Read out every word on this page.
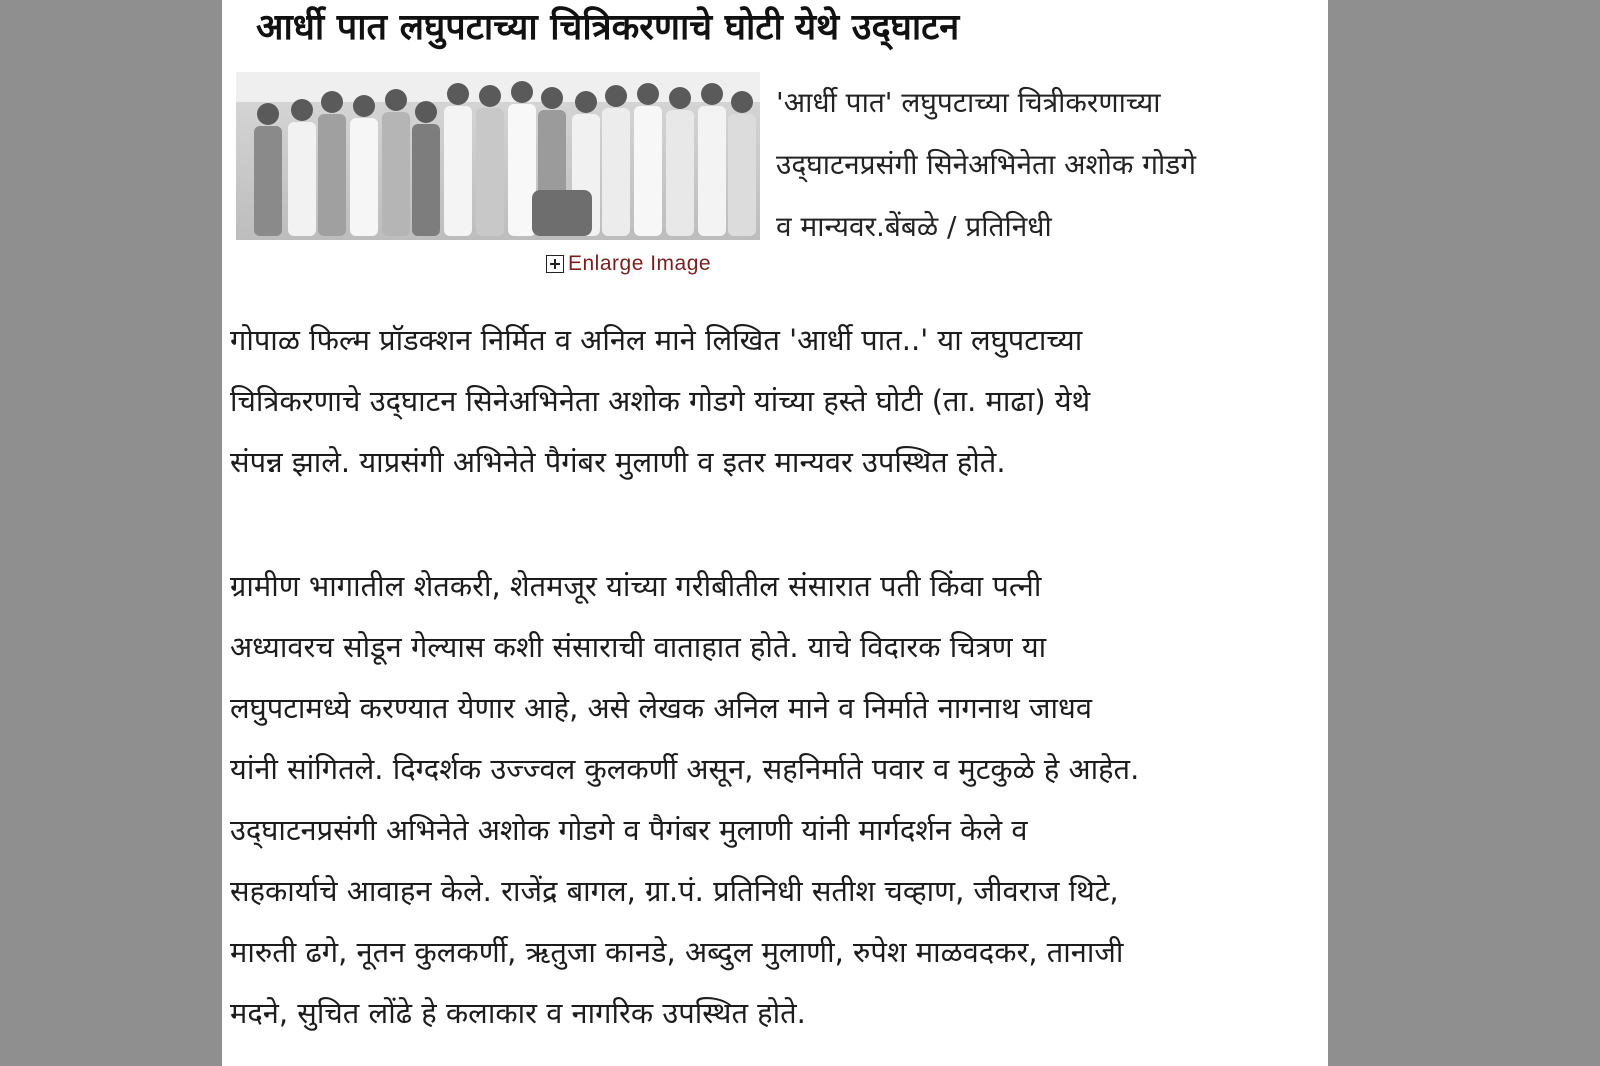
आर्धी पात लघुपटाच्या चित्रिकरणाचे घोटी येथे उद्‌घाटन
Enlarge Image
'आर्धी पात' लघुपटाच्या चित्रीकरणाच्या
उद्‌घाटनप्रसंगी सिनेअभिनेता अशोक गोडगे
व मान्यवर.बेंबळे / प्रतिनिधी
गोपाळ फिल्म प्रॉडक्शन निर्मित व अनिल माने लिखित 'आर्धी पात..' या लघुपटाच्या
चित्रिकरणाचे उद्‌घाटन सिनेअभिनेता अशोक गोडगे यांच्या हस्ते घोटी (ता. माढा) येथे
संपन्न झाले. याप्रसंगी अभिनेते पैगंबर मुलाणी व इतर मान्यवर उपस्थित होते.
ग्रामीण भागातील शेतकरी, शेतमजूर यांच्या गरीबीतील संसारात पती किंवा पत्नी
अध्यावरच सोडून गेल्यास कशी संसाराची वाताहात होते. याचे विदारक चित्रण या
लघुपटामध्ये करण्यात येणार आहे, असे लेखक अनिल माने व निर्माते नागनाथ जाधव
यांनी सांगितले. दिग्दर्शक उज्ज्वल कुलकर्णी असून, सहनिर्माते पवार व मुटकुळे हे आहेत.
उद्‌घाटनप्रसंगी अभिनेते अशोक गोडगे व पैगंबर मुलाणी यांनी मार्गदर्शन केले व
सहकार्याचे आवाहन केले. राजेंद्र बागल, ग्रा.पं. प्रतिनिधी सतीश चव्हाण, जीवराज थिटे,
मारुती ढगे, नूतन कुलकर्णी, ऋतुजा कानडे, अब्दुल मुलाणी, रुपेश माळवदकर, तानाजी
मदने, सुचित लोंढे हे कलाकार व नागरिक उपस्थित होते.
